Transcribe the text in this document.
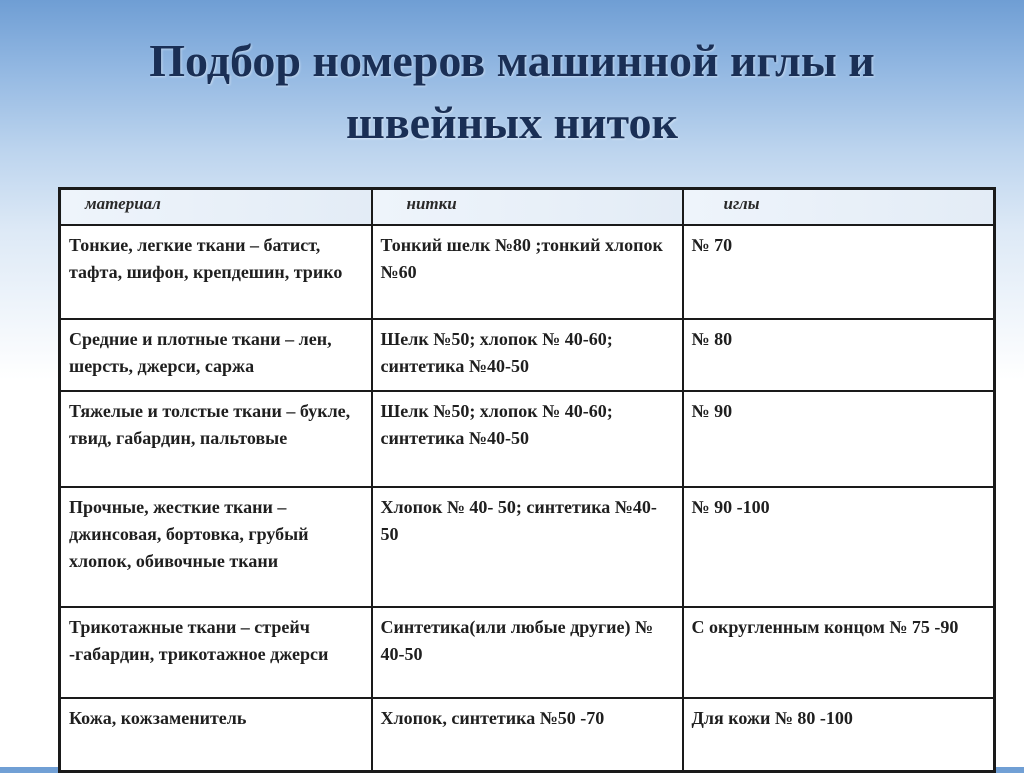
Подбор номеров машинной иглы и
швейных ниток
материал	нитки	иглы
Тонкие, легкие ткани – батист, тафта, шифон, крепдешин, трико	Тонкий шелк №80 ;тонкий хлопок №60	№ 70
Средние и плотные ткани – лен, шерсть, джерси, саржа	Шелк №50; хлопок № 40-60; синтетика №40-50	№ 80
Тяжелые и толстые ткани – букле, твид, габардин, пальтовые	Шелк №50; хлопок № 40-60; синтетика №40-50	№ 90
Прочные, жесткие ткани – джинсовая, бортовка, грубый хлопок, обивочные ткани	Хлопок № 40- 50; синтетика №40-50	№ 90 -100
Трикотажные ткани – стрейч -габардин, трикотажное джерси	Синтетика(или любые другие) № 40-50	С округленным концом № 75 -90
Кожа, кожзаменитель	Хлопок, синтетика №50 -70	Для кожи № 80 -100
